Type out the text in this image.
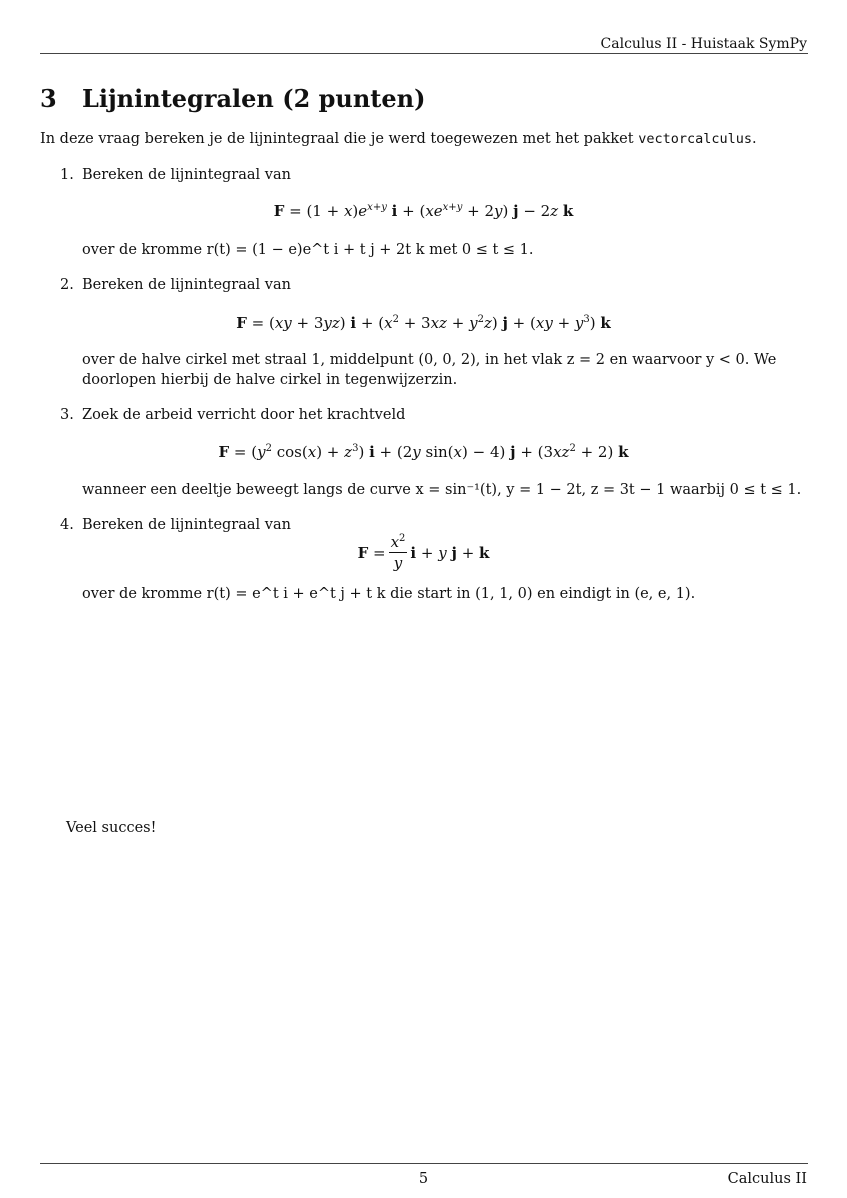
Calculus II - Huistaak SymPy
3 Lijnintegralen (2 punten)
In deze vraag bereken je de lijnintegraal die je werd toegewezen met het pakket vectorcalculus.
1. Bereken de lijnintegraal van
$F = (1 + x)e^{x+y}$ $i + (xe^{x+y} + 2y) j - 2z$ k
over de kromme r(t) = (1 − e)e^t i + t j + 2t k met 0 ≤ t ≤ 1.
2. Bereken de lijnintegraal van
F = (xy + 3yz) $i + (x^2 + 3xz + y^2z) j + (xy + y^3)$ k
over de halve cirkel met straal 1, middelpunt (0, 0, 2), in het vlak z = 2 en waarvoor y < 0. We doorlopen hierbij de halve cirkel in tegenwijzerzin.
3. Zoek de arbeid verricht door het krachtveld
$F = (y^2$ $\cos(x) + z^3$) i + (2y sin(x) − 4) $j + (3xz^2 + 2)$ k
wanneer een deeltje beweegt langs de curve x = sin⁻¹(t), y = 1 − 2t, z = 3t − 1 waarbij 0 ≤ t ≤ 1.
4. Bereken de lijnintegraal van
$F = \frac{x^2}{y}$ i + y
j + k
over de kromme r(t) = e^t i + e^t j + t k die start in (1, 1, 0) en eindigt in (e, e, 1).
Veel succes!
5	Calculus II
